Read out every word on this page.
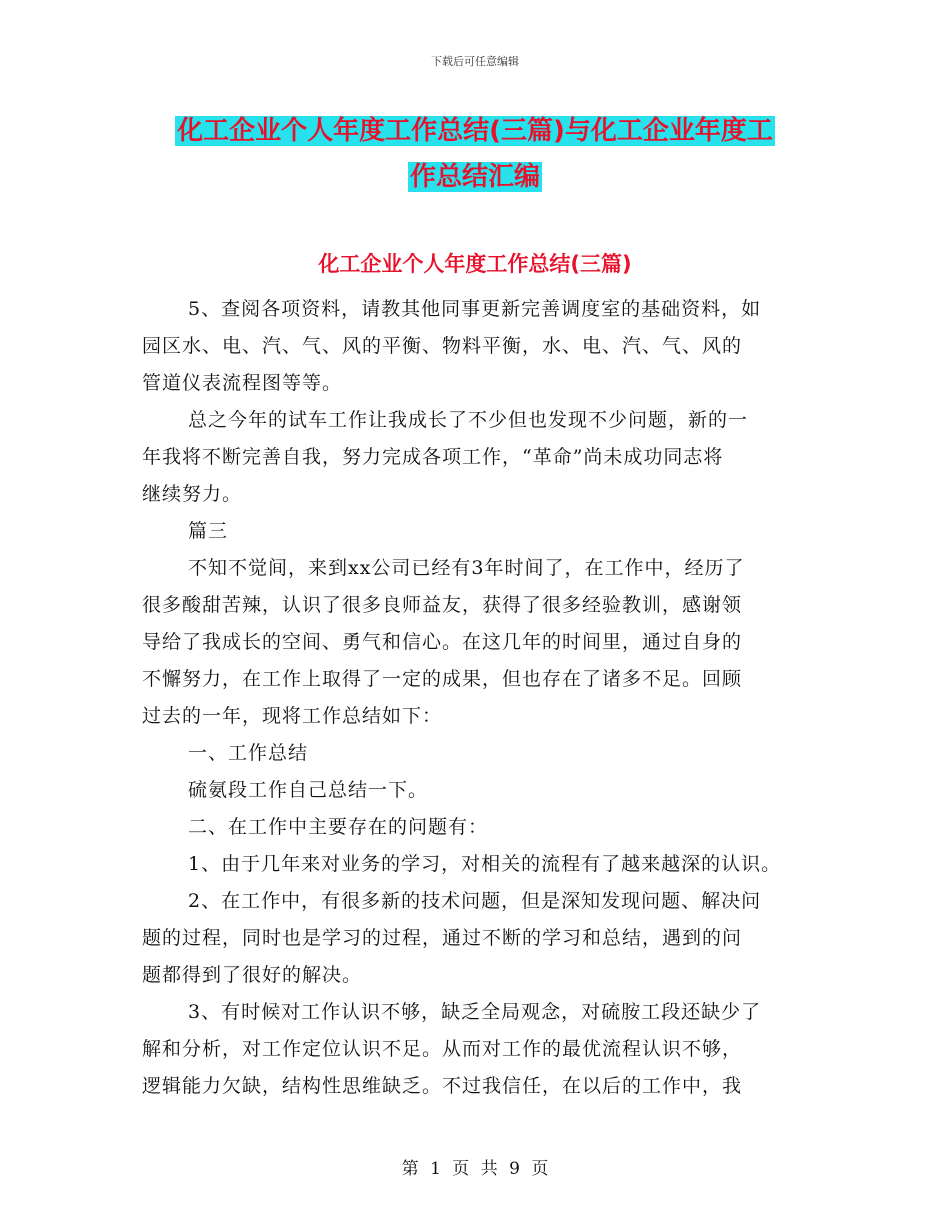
下载后可任意编辑
化工企业个人年度工作总结(三篇)与化工企业年度工
作总结汇编
化工企业个人年度工作总结(三篇)
5、查阅各项资料，请教其他同事更新完善调度室的基础资料，如
园区水、电、汽、气、风的平衡、物料平衡，水、电、汽、气、风的
管道仪表流程图等等。
总之今年的试车工作让我成长了不少但也发现不少问题，新的一
年我将不断完善自我，努力完成各项工作，“革命”尚未成功同志将
继续努力。
篇三
不知不觉间，来到xx公司已经有3年时间了，在工作中，经历了
很多酸甜苦辣，认识了很多良师益友，获得了很多经验教训，感谢领
导给了我成长的空间、勇气和信心。在这几年的时间里，通过自身的
不懈努力，在工作上取得了一定的成果，但也存在了诸多不足。回顾
过去的一年，现将工作总结如下：
一、工作总结
硫氨段工作自己总结一下。
二、在工作中主要存在的问题有：
1、由于几年来对业务的学习，对相关的流程有了越来越深的认识。
2、在工作中，有很多新的技术问题，但是深知发现问题、解决问
题的过程，同时也是学习的过程，通过不断的学习和总结，遇到的问
题都得到了很好的解决。
3、有时候对工作认识不够，缺乏全局观念，对硫胺工段还缺少了
解和分析，对工作定位认识不足。从而对工作的最优流程认识不够，
逻辑能力欠缺，结构性思维缺乏。不过我信任，在以后的工作中，我
第 1 页 共 9 页
